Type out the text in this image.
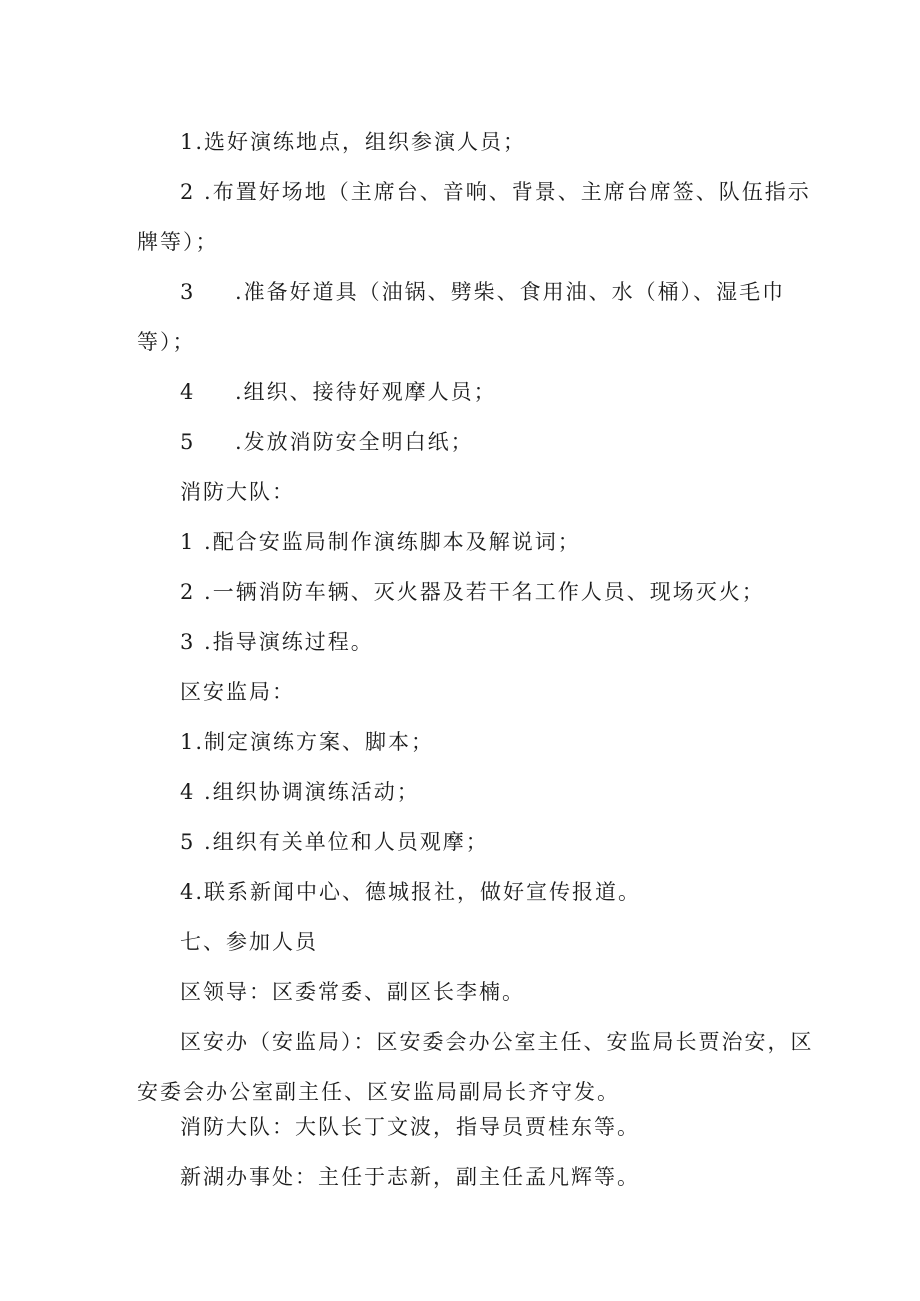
1.选好演练地点，组织参演人员；
2 .布置好场地（主席台、音响、背景、主席台席签、队伍指示
牌等）；
3 .准备好道具（油锅、劈柴、食用油、水（桶）、湿毛巾
等）；
4 .组织、接待好观摩人员；
5 .发放消防安全明白纸；
消防大队：
1 .配合安监局制作演练脚本及解说词；
2 .一辆消防车辆、灭火器及若干名工作人员、现场灭火；
3 .指导演练过程。
区安监局：
1.制定演练方案、脚本；
4 .组织协调演练活动；
5 .组织有关单位和人员观摩；
4.联系新闻中心、德城报社，做好宣传报道。
七、参加人员
区领导：区委常委、副区长李楠。
区安办（安监局）：区安委会办公室主任、安监局长贾治安，区
安委会办公室副主任、区安监局副局长齐守发。
消防大队：大队长丁文波，指导员贾桂东等。
新湖办事处：主任于志新，副主任孟凡辉等。
